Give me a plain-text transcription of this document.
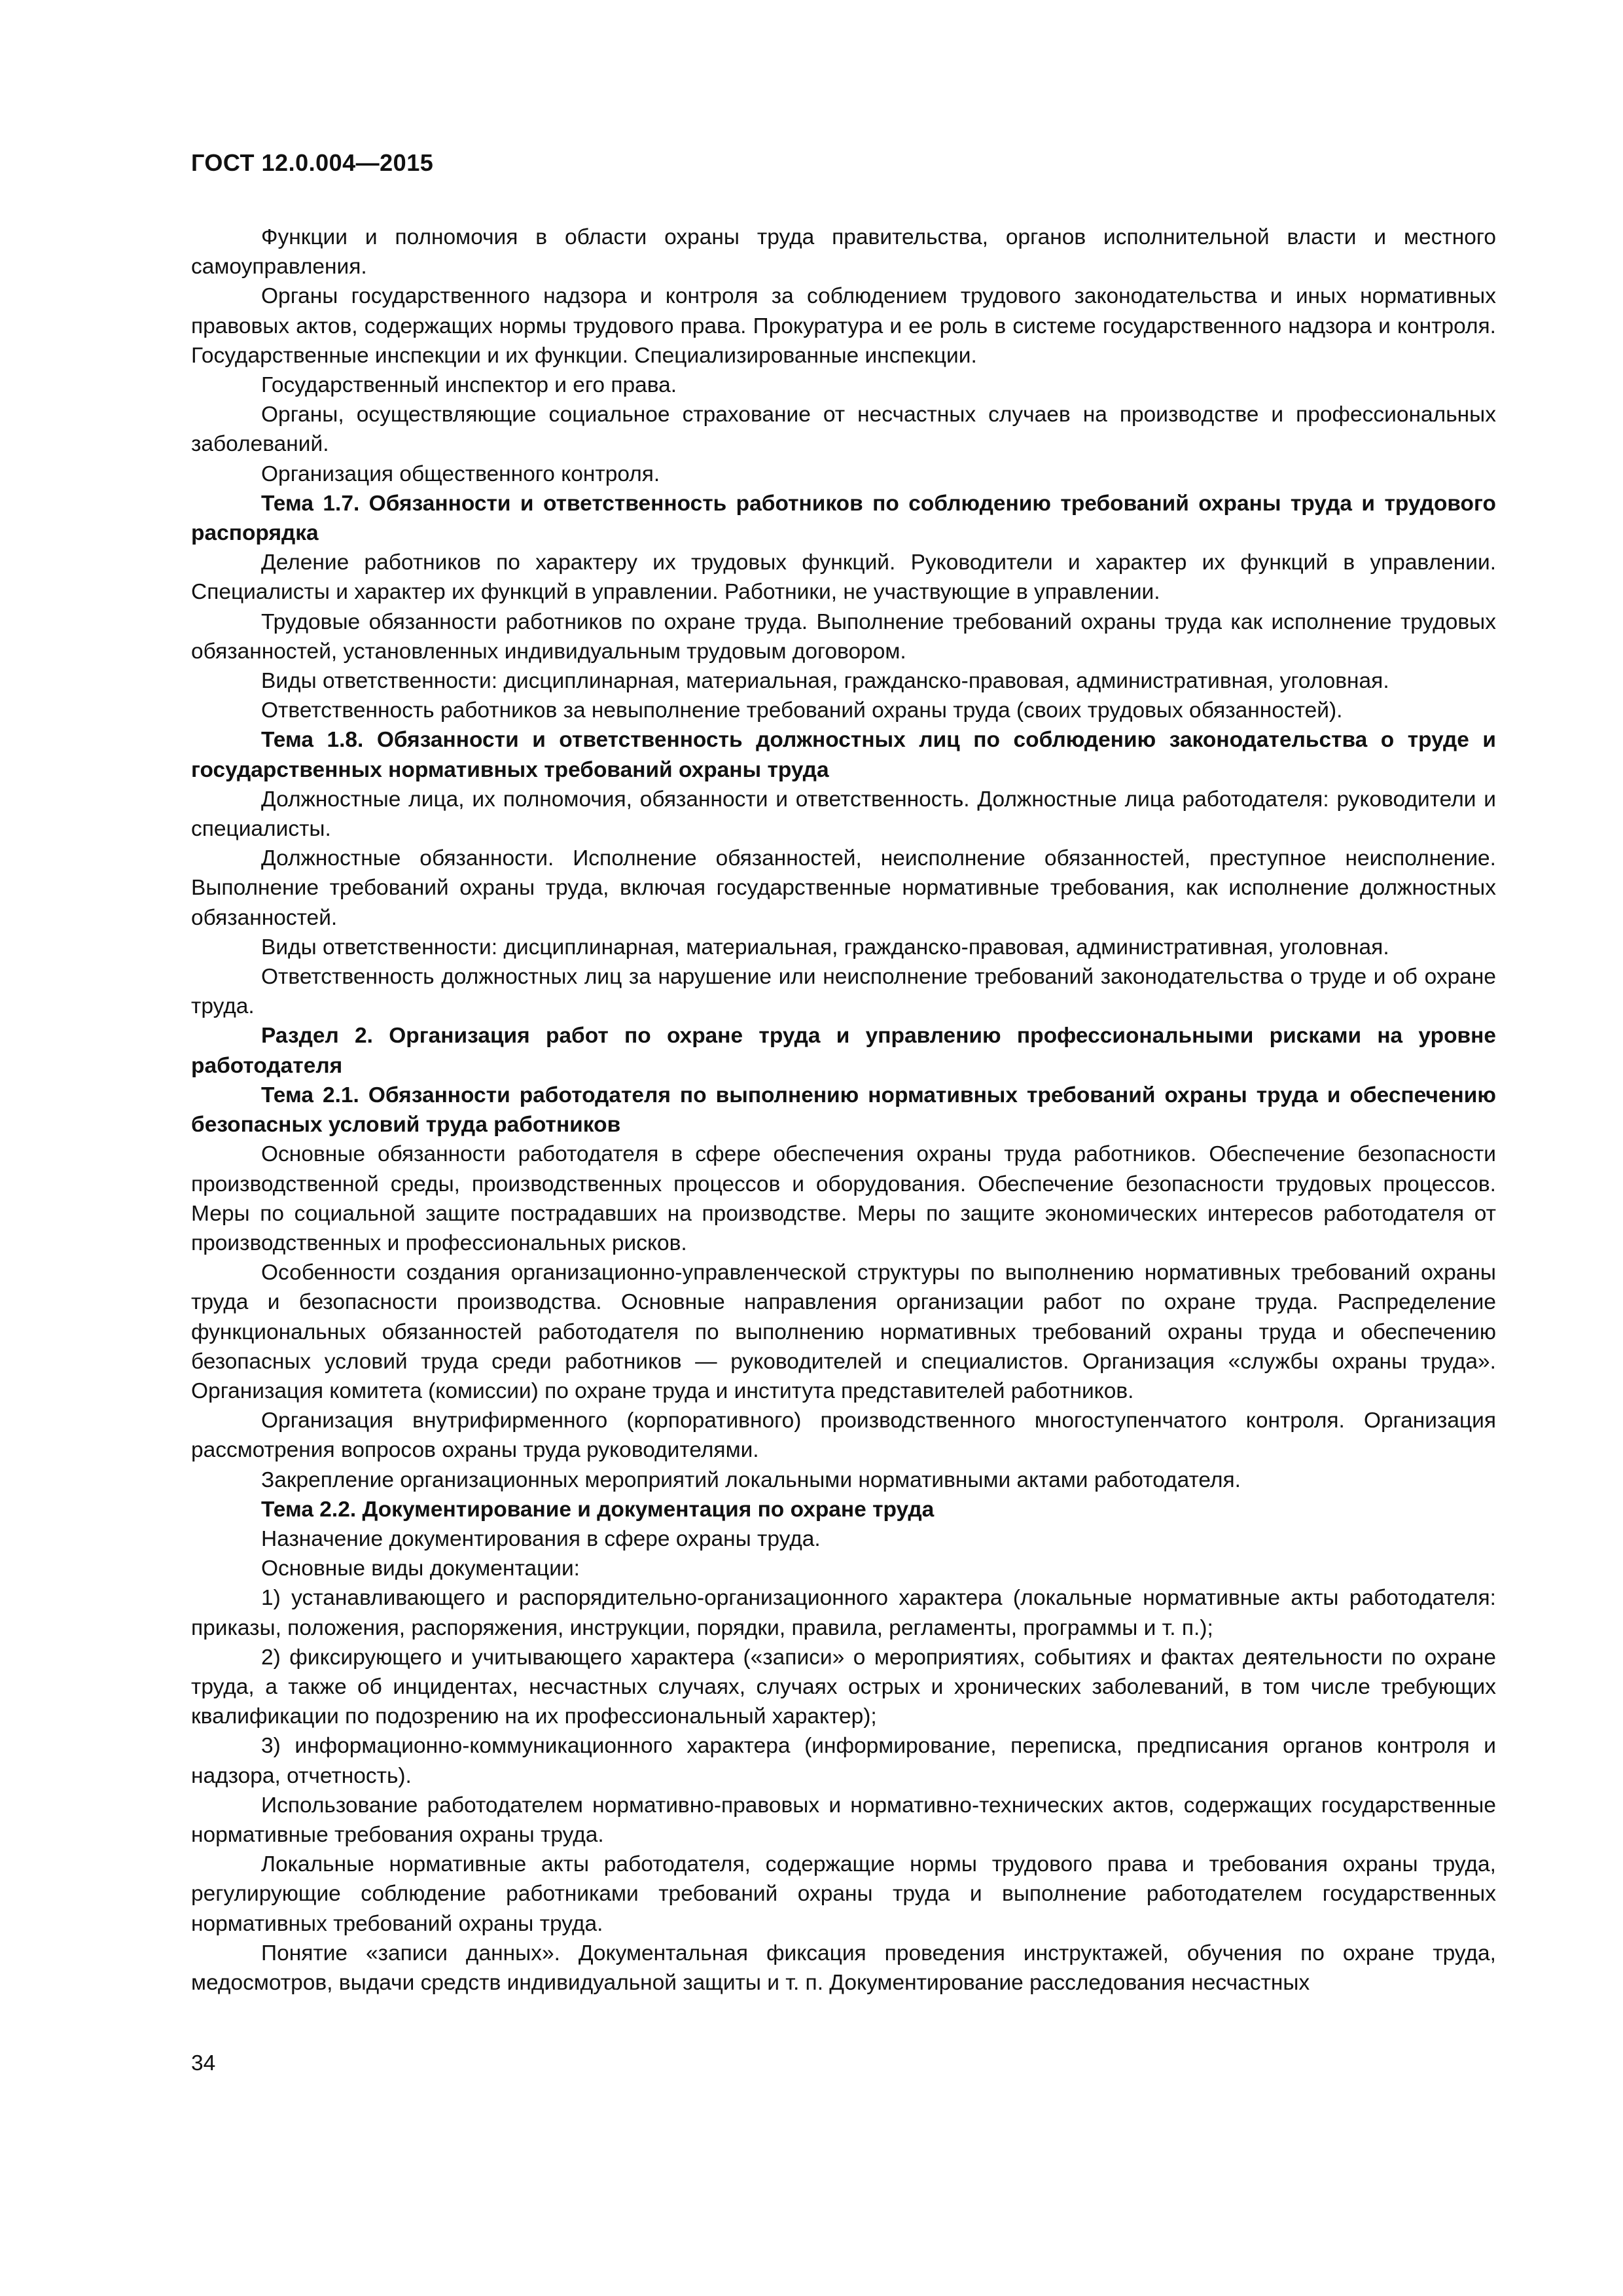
ГОСТ 12.0.004—2015

Функции и полномочия в области охраны труда правительства, органов исполнительной власти и местного самоуправления.

Органы государственного надзора и контроля за соблюдением трудового законодательства и иных нормативных правовых актов, содержащих нормы трудового права. Прокуратура и ее роль в системе государственного надзора и контроля. Государственные инспекции и их функции. Специализированные инспекции.

Государственный инспектор и его права.

Органы, осуществляющие социальное страхование от несчастных случаев на производстве и профессиональных заболеваний.

Организация общественного контроля.

Тема 1.7. Обязанности и ответственность работников по соблюдению требований охраны труда и трудового распорядка

Деление работников по характеру их трудовых функций. Руководители и характер их функций в управлении. Специалисты и характер их функций в управлении. Работники, не участвующие в управлении.

Трудовые обязанности работников по охране труда. Выполнение требований охраны труда как исполнение трудовых обязанностей, установленных индивидуальным трудовым договором.

Виды ответственности: дисциплинарная, материальная, гражданско-правовая, административная, уголовная.

Ответственность работников за невыполнение требований охраны труда (своих трудовых обязанностей).

Тема 1.8. Обязанности и ответственность должностных лиц по соблюдению законодательства о труде и государственных нормативных требований охраны труда

Должностные лица, их полномочия, обязанности и ответственность. Должностные лица работодателя: руководители и специалисты.

Должностные обязанности. Исполнение обязанностей, неисполнение обязанностей, преступное неисполнение. Выполнение требований охраны труда, включая государственные нормативные требования, как исполнение должностных обязанностей.

Виды ответственности: дисциплинарная, материальная, гражданско-правовая, административная, уголовная.

Ответственность должностных лиц за нарушение или неисполнение требований законодательства о труде и об охране труда.

Раздел 2. Организация работ по охране труда и управлению профессиональными рисками на уровне работодателя

Тема 2.1. Обязанности работодателя по выполнению нормативных требований охраны труда и обеспечению безопасных условий труда работников

Основные обязанности работодателя в сфере обеспечения охраны труда работников. Обеспечение безопасности производственной среды, производственных процессов и оборудования. Обеспечение безопасности трудовых процессов. Меры по социальной защите пострадавших на производстве. Меры по защите экономических интересов работодателя от производственных и профессиональных рисков.

Особенности создания организационно-управленческой структуры по выполнению нормативных требований охраны труда и безопасности производства. Основные направления организации работ по охране труда. Распределение функциональных обязанностей работодателя по выполнению нормативных требований охраны труда и обеспечению безопасных условий труда среди работников — руководителей и специалистов. Организация «службы охраны труда». Организация комитета (комиссии) по охране труда и института представителей работников.

Организация внутрифирменного (корпоративного) производственного многоступенчатого контроля. Организация рассмотрения вопросов охраны труда руководителями.

Закрепление организационных мероприятий локальными нормативными актами работодателя.

Тема 2.2. Документирование и документация по охране труда

Назначение документирования в сфере охраны труда.

Основные виды документации:

1) устанавливающего и распорядительно-организационного характера (локальные нормативные акты работодателя: приказы, положения, распоряжения, инструкции, порядки, правила, регламенты, программы и т. п.);

2) фиксирующего и учитывающего характера («записи» о мероприятиях, событиях и фактах деятельности по охране труда, а также об инцидентах, несчастных случаях, случаях острых и хронических заболеваний, в том числе требующих квалификации по подозрению на их профессиональный характер);

3) информационно-коммуникационного характера (информирование, переписка, предписания органов контроля и надзора, отчетность).

Использование работодателем нормативно-правовых и нормативно-технических актов, содержащих государственные нормативные требования охраны труда.

Локальные нормативные акты работодателя, содержащие нормы трудового права и требования охраны труда, регулирующие соблюдение работниками требований охраны труда и выполнение работодателем государственных нормативных требований охраны труда.

Понятие «записи данных». Документальная фиксация проведения инструктажей, обучения по охране труда, медосмотров, выдачи средств индивидуальной защиты и т. п. Документирование расследования несчастных

34
